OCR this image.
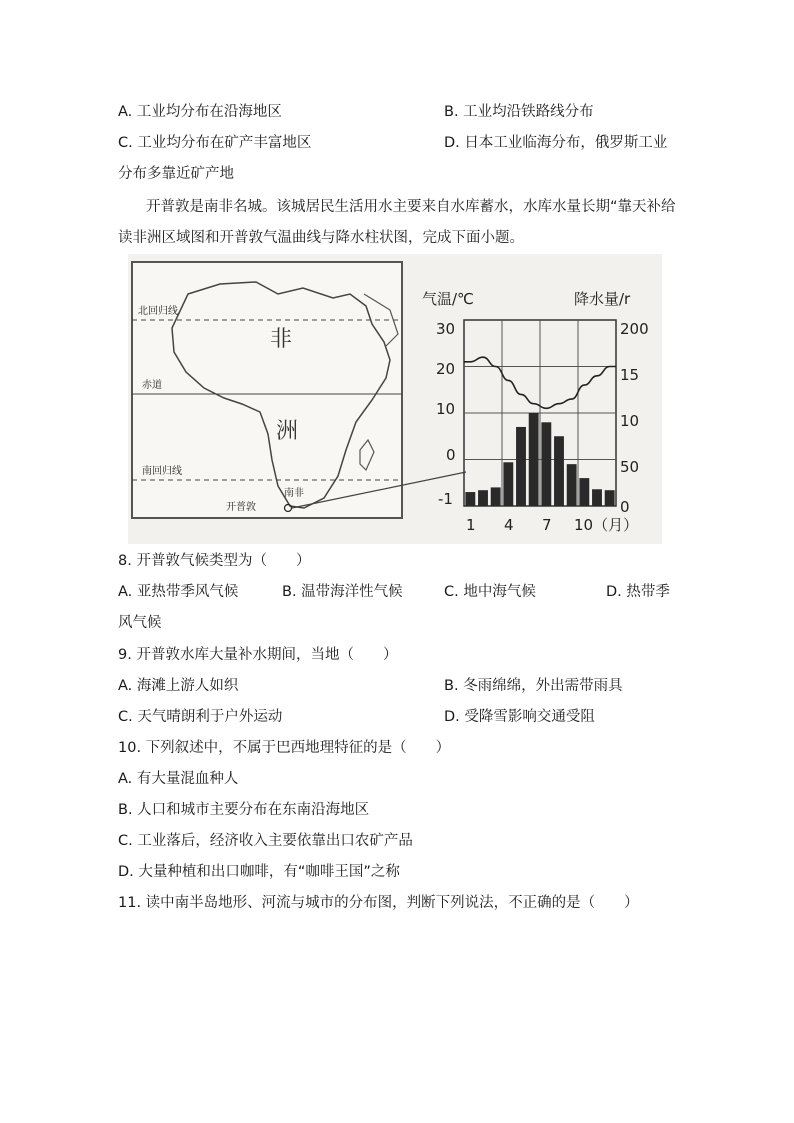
A. 工业均分布在沿海地区	B. 工业均沿铁路线分布
C. 工业均分布在矿产丰富地区	D. 日本工业临海分布，俄罗斯工业
分布多靠近矿产地
开普敦是南非名城。该城居民生活用水主要来自水库蓄水，水库水量长期“靠天补给
读非洲区域图和开普敦气温曲线与降水柱状图，完成下面小题。
北回归线
赤道
南回归线
非
洲
南非
开普敦
气温/℃	降水量/r
30
20
10
0
-1
200
15
10
50
0
1 4 7 10（月）
8. 开普敦气候类型为（　　）
A. 亚热带季风气候	B. 温带海洋性气候	C. 地中海气候	D. 热带季
风气候
9. 开普敦水库大量补水期间，当地（　　）
A. 海滩上游人如织	B. 冬雨绵绵，外出需带雨具
C. 天气晴朗利于户外运动	D. 受降雪影响交通受阻
10. 下列叙述中，不属于巴西地理特征的是（　　）
A. 有大量混血种人
B. 人口和城市主要分布在东南沿海地区
C. 工业落后，经济收入主要依靠出口农矿产品
D. 大量种植和出口咖啡，有“咖啡王国”之称
11. 读中南半岛地形、河流与城市的分布图，判断下列说法，不正确的是（　　）
